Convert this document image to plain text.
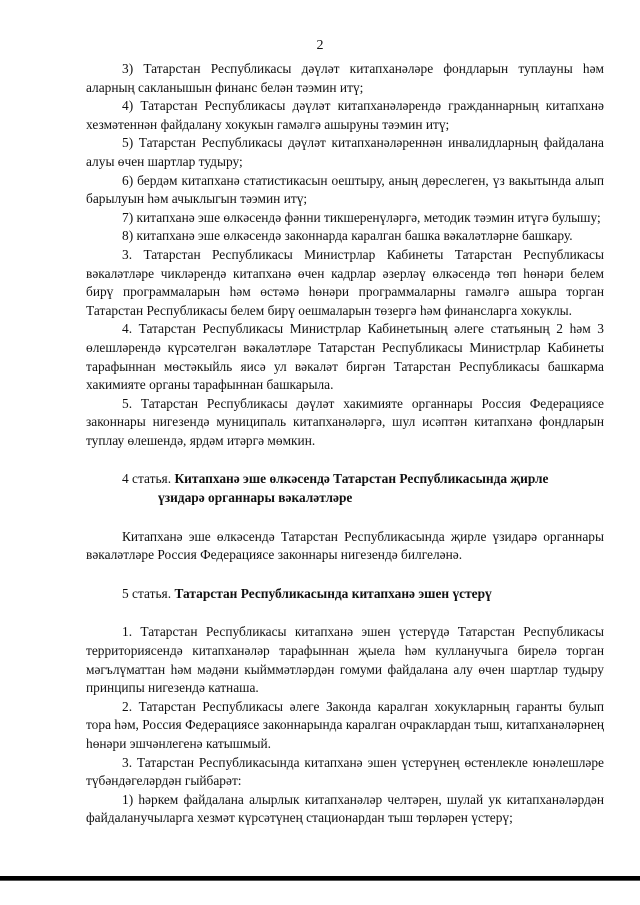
2

3) Татарстан Республикасы дәүләт китапханәләре фондларын туплауны һәм аларның сакланышын финанс белән тәэмин итү;

4) Татарстан Республикасы дәүләт китапханәләрендә гражданнарның китапханә хезмәтеннән файдалану хокукын гамәлгә ашыруны тәэмин итү;

5) Татарстан Республикасы дәүләт китапханәләреннән инвалидларның файдалана алуы өчен шартлар тудыру;

6) бердәм китапханә статистикасын оештыру, аның дөреслеген, үз вакытында алып барылуын һәм ачыклыгын тәэмин итү;

7) китапханә эше өлкәсендә фәнни тикшеренүләргә, методик тәэмин итүгә булышу;

8) китапханә эше өлкәсендә законнарда каралган башка вәкаләтләрне башкару.

3. Татарстан Республикасы Министрлар Кабинеты Татарстан Республикасы вәкаләтләре чикләрендә китапханә өчен кадрлар әзерләү өлкәсендә төп һөнәри белем бирү программаларын һәм өстәмә һөнәри программаларны гамәлгә ашыра торган Татарстан Республикасы белем бирү оешмаларын төзергә һәм финансларга хокуклы.

4. Татарстан Республикасы Министрлар Кабинетының әлеге статьяның 2 һәм 3 өлешләрендә күрсәтелгән вәкаләтләре Татарстан Республикасы Министрлар Кабинеты тарафыннан мөстәкыйль яисә ул вәкаләт биргән Татарстан Республикасы башкарма хакимияте органы тарафыннан башкарыла.

5. Татарстан Республикасы дәүләт хакимияте органнары Россия Федерациясе законнары нигезендә муниципаль китапханәләргә, шул исәптән китапханә фондларын туплау өлешендә, ярдәм итәргә мөмкин.

4 статья. Китапханә эше өлкәсендә Татарстан Республикасында җирле

үзидарә органнары вәкаләтләре

Китапханә эше өлкәсендә Татарстан Республикасында җирле үзидарә органнары вәкаләтләре Россия Федерациясе законнары нигезендә билгеләнә.

5 статья. Татарстан Республикасында китапханә эшен үстерү

1. Татарстан Республикасы китапханә эшен үстерүдә Татарстан Республикасы территориясендә китапханәләр тарафыннан җыела һәм кулланучыга бирелә торган мәгълүматтан һәм мәдәни кыйммәтләрдән гомуми файдалана алу өчен шартлар тудыру принципы нигезендә катнаша.

2. Татарстан Республикасы әлеге Законда каралган хокукларның гаранты булып тора һәм, Россия Федерациясе законнарында каралган очраклардан тыш, китапханәләрнең һөнәри эшчәнлегенә катышмый.

3. Татарстан Республикасында китапханә эшен үстерүнең өстенлекле юнәлешләре түбәндәгеләрдән гыйбарәт:

1) һәркем файдалана алырлык китапханәләр челтәрен, шулай ук китапханәләрдән файдаланучыларга хезмәт күрсәтүнең стационардан тыш төрләрен үстерү;
